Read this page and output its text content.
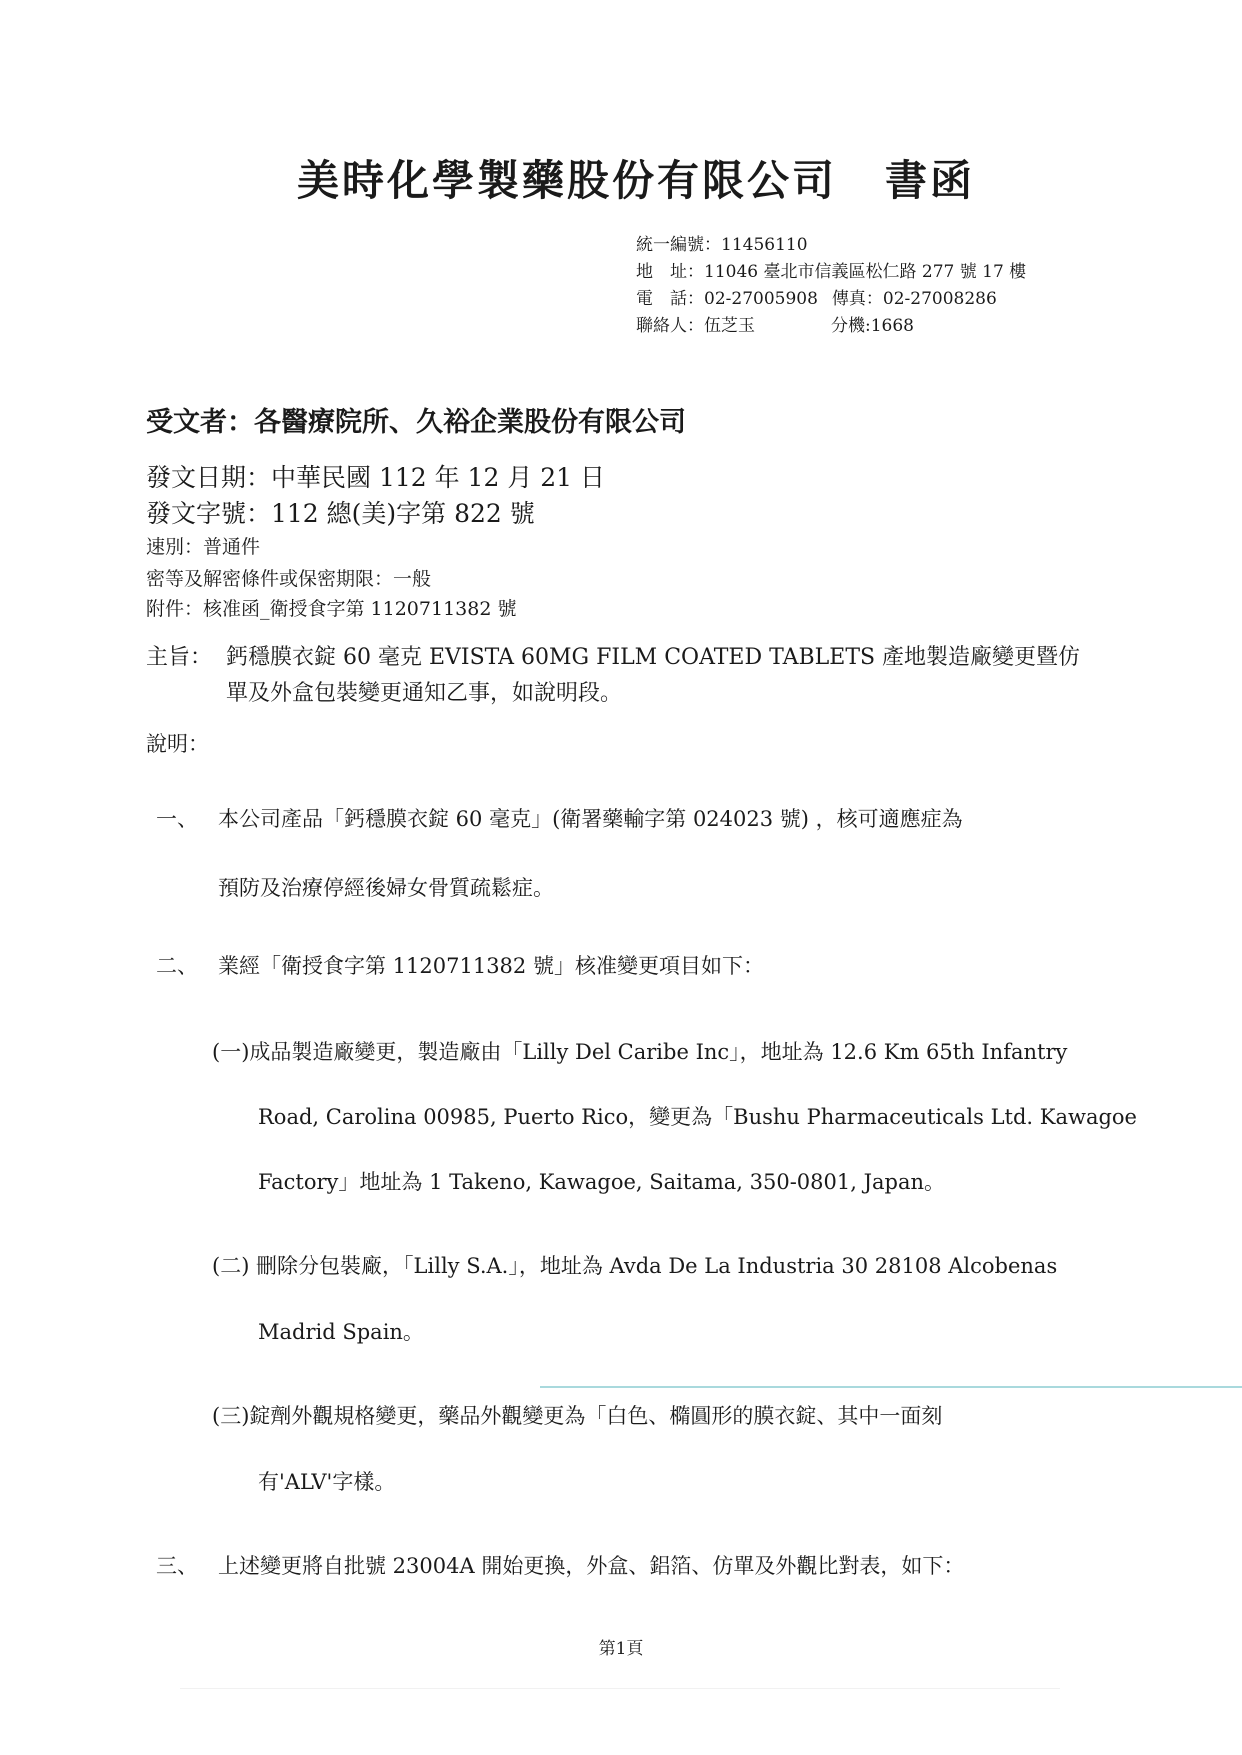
美時化學製藥股份有限公司 書函
統一編號：11456110
地　址：11046 臺北市信義區松仁路 277 號 17 樓
電　話：02-27005908 傳真：02-27008286
聯絡人：伍芝玉	分機:1668
受文者：各醫療院所、久裕企業股份有限公司
發文日期：中華民國 112 年 12 月 21 日
發文字號：112 總(美)字第 822 號
速別：普通件
密等及解密條件或保密期限：一般
附件：核准函_衛授食字第 1120711382 號
主旨： 鈣穩膜衣錠 60 毫克 EVISTA 60MG FILM COATED TABLETS 產地製造廠變更暨仿單及外盒包裝變更通知乙事，如說明段。
說明：
一、 本公司產品「鈣穩膜衣錠 60 毫克」(衛署藥輸字第 024023 號) ，核可適應症為
預防及治療停經後婦女骨質疏鬆症。
二、 業經「衛授食字第 1120711382 號」核准變更項目如下：
(一)成品製造廠變更，製造廠由「Lilly Del Caribe Inc」，地址為 12.6 Km 65th Infantry
Road, Carolina 00985, Puerto Rico，變更為「Bushu Pharmaceuticals Ltd. Kawagoe
Factory」地址為 1 Takeno, Kawagoe, Saitama, 350-0801, Japan。
(二) 刪除分包裝廠，「Lilly S.A.」，地址為 Avda De La Industria 30 28108 Alcobenas
Madrid Spain。
(三)錠劑外觀規格變更，藥品外觀變更為「白色、橢圓形的膜衣錠、其中一面刻
有'ALV'字樣。
三、 上述變更將自批號 23004A 開始更換，外盒、鋁箔、仿單及外觀比對表，如下：
第1頁
